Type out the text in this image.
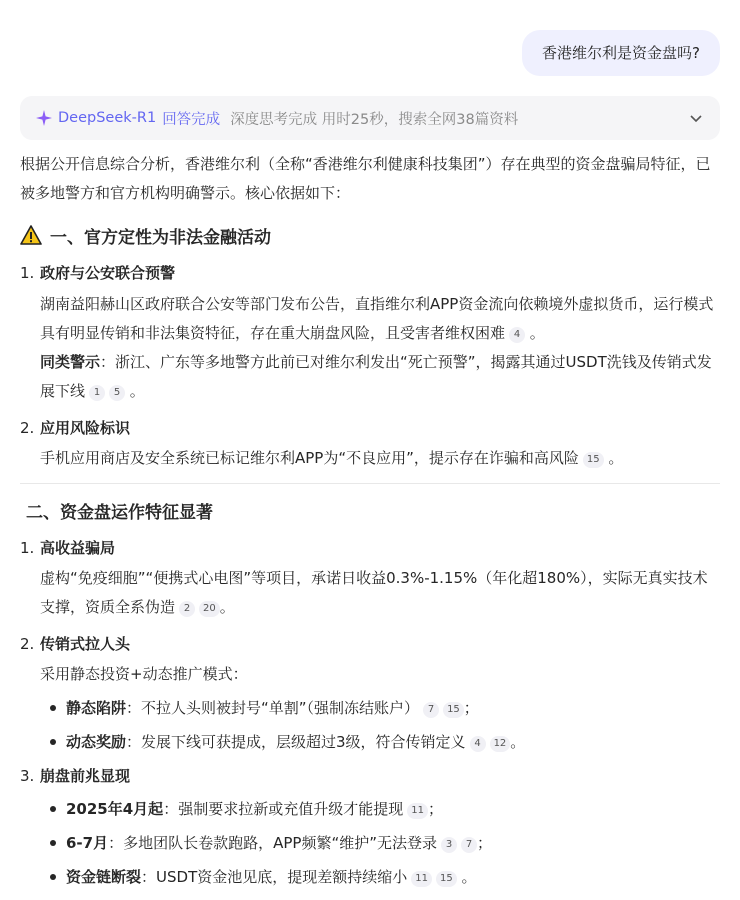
香港维尔利是资金盘吗?
DeepSeek-R1 回答完成 深度思考完成 用时25秒，搜索全网38篇资料

根据公开信息综合分析，香港维尔利（全称“香港维尔利健康科技集团”）存在典型的资金盘骗局特征，已被多地警方和官方机构明确警示。核心依据如下：

一、官方定性为非法金融活动
1. 政府与公安联合预警

湖南益阳赫山区政府联合公安等部门发布公告，直指维尔利APP资金流向依赖境外虚拟货币，运行模式具有明显传销和非法集资特征，存在重大崩盘风险，且受害者维权困难 4 。

同类警示：浙江、广东等多地警方此前已对维尔利发出“死亡预警”，揭露其通过USDT洗钱及传销式发展下线 1 5 。

2. 应用风险标识

手机应用商店及安全系统已标记维尔利APP为“不良应用”，提示存在诈骗和高风险 15 。

二、资金盘运作特征显著
1. 高收益骗局

虚构“免疫细胞”“便携式心电图”等项目，承诺日收益0.3%-1.15%（年化超180%），实际无真实技术支撑，资质全系伪造 2 20 。

2. 传销式拉人头

采用静态投资+动态推广模式：

静态陷阱：不拉人头则被封号“单割”（强制冻结账户） 7 15 ；
动态奖励：发展下线可获提成，层级超过3级，符合传销定义 4 12 。
3. 崩盘前兆显现
2025年4月起：强制要求拉新或充值升级才能提现 11 ；
6-7月：多地团队长卷款跑路，APP频繁“维护”无法登录 3 7 ；
资金链断裂：USDT资金池见底，提现差额持续缩小 11 15 。
